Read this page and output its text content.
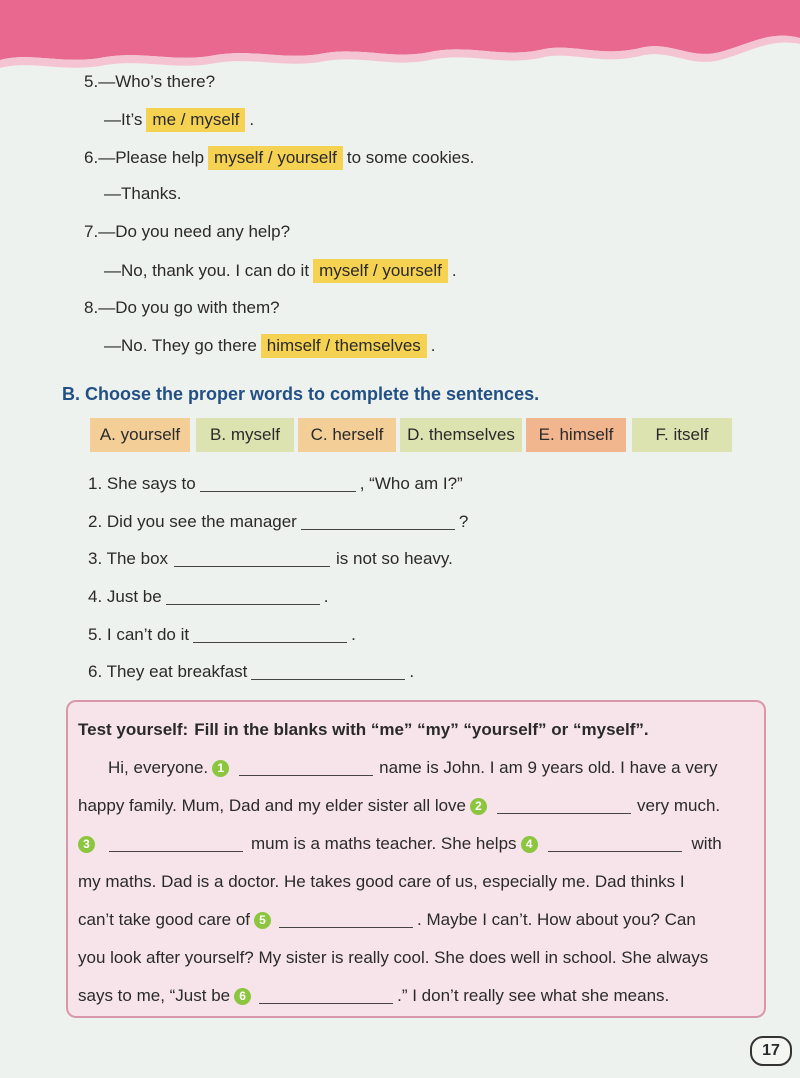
5. —Who’s there?
—It’s me / myself .
6. —Please help myself / yourself to some cookies.
—Thanks.
7. —Do you need any help?
—No, thank you. I can do it myself / yourself .
8. —Do you go with them?
—No. They go there himself / themselves .
B. Choose the proper words to complete the sentences.
A. yourself	B. myself	C. herself	D. themselves	E. himself	F. itself
1. She says to	, “Who am I?”
2. Did you see the manager	?
3. The box	is not so heavy.
4. Just be	.
5. I can’t do it	.
6. They eat breakfast	.
Test yourself: Fill in the blanks with “me” “my” “yourself” or “myself”.
Hi, everyone. 1	name is John. I am 9 years old. I have a very
happy family. Mum, Dad and my elder sister all love 2	very much.
3	mum is a maths teacher. She helps 4	with
my maths. Dad is a doctor. He takes good care of us, especially me. Dad thinks I
can’t take good care of 5	. Maybe I can’t. How about you? Can
you look after yourself? My sister is really cool. She does well in school. She always
says to me, “Just be 6	.” I don’t really see what she means.
17
